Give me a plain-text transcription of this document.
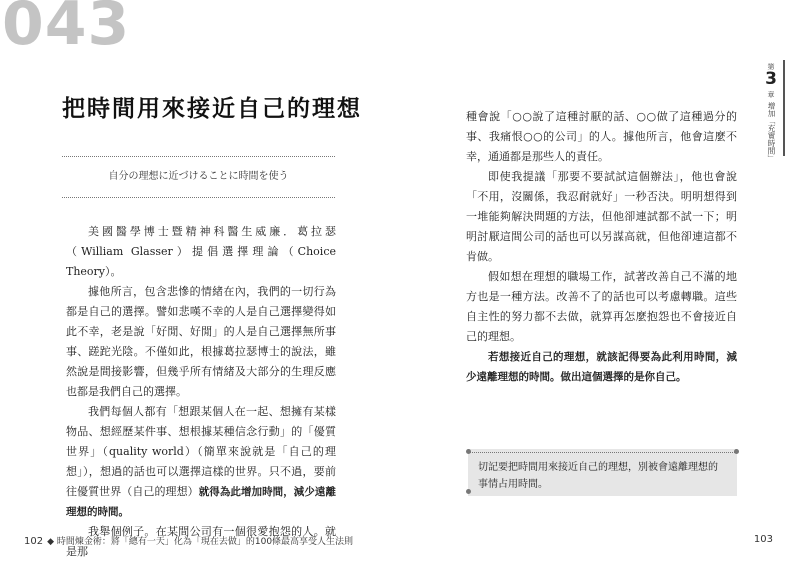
043
把時間用來接近自己的理想
自分の理想に近づけることに時間を使う

美國醫學博士暨精神科醫生威廉．葛拉瑟（William Glasser）提倡選擇理論（Choice Theory）。

據他所言，包含悲慘的情緒在內，我們的一切行為都是自己的選擇。譬如悲嘆不幸的人是自己選擇變得如此不幸，老是說「好閒、好閒」的人是自己選擇無所事事、蹉跎光陰。不僅如此，根據葛拉瑟博士的說法，雖然說是間接影響，但幾乎所有情緒及大部分的生理反應也都是我們自己的選擇。

我們每個人都有「想跟某個人在一起、想擁有某樣物品、想經歷某件事、想根據某種信念行動」的「優質世界」（quality world）（簡單來說就是「自己的理想」），想過的話也可以選擇這樣的世界。只不過，要前往優質世界（自己的理想）就得為此增加時間，減少遠離理想的時間。

我舉個例子。在某間公司有一個很愛抱怨的人。就是那

種會說「○○說了這種討厭的話、○○做了這種過分的事、我痛恨○○的公司」的人。據他所言，他會這麼不幸，通通都是那些人的責任。

即使我提議「那要不要試試這個辦法」，他也會說「不用，沒關係，我忍耐就好」一秒否決。明明想得到一堆能夠解決問題的方法，但他卻連試都不試一下；明明討厭這間公司的話也可以另謀高就，但他卻連這都不肯做。

假如想在理想的職場工作，試著改善自己不滿的地方也是一種方法。改善不了的話也可以考慮轉職。這些自主性的努力都不去做，就算再怎麼抱怨也不會接近自己的理想。

若想接近自己的理想，就該記得要為此利用時間，減少遠離理想的時間。做出這個選擇的是你自己。

切記要把時間用來接近自己的理想，別被會遠離理想的事情占用時間。
102 ◆ 時間煉金術：將「總有一天」化為「現在去做」的100條最高享受人生法則	103
第
3
章
增加「充實時間」
